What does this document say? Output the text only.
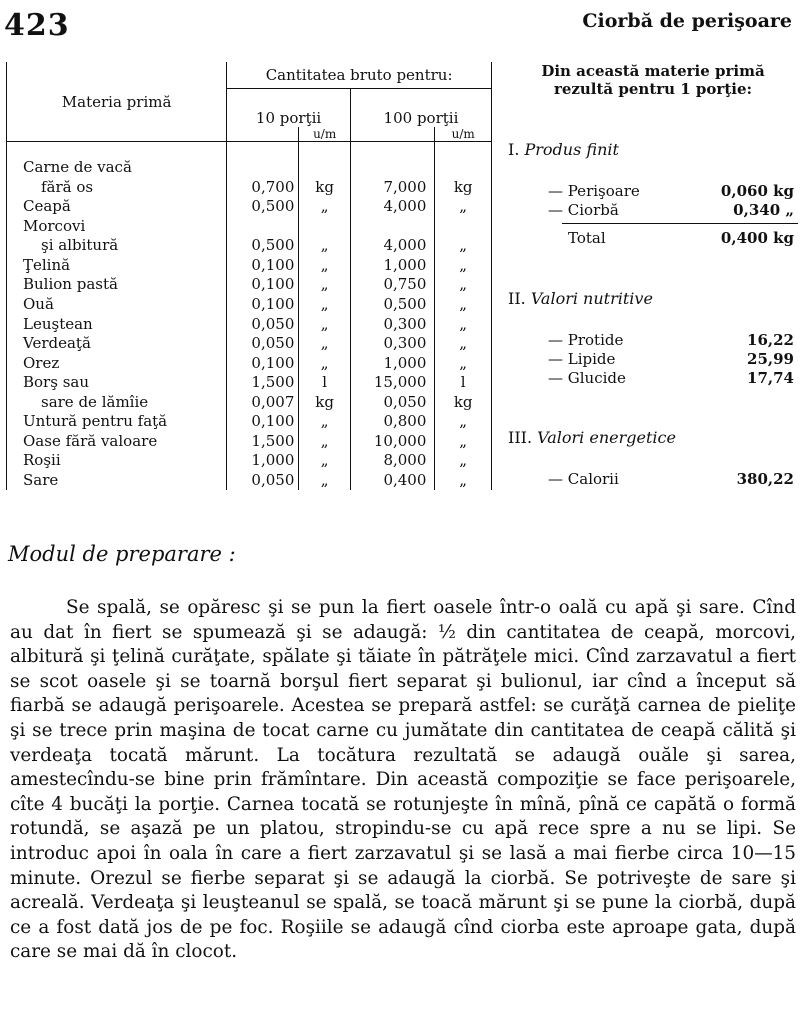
423	Ciorbă de perişoare
Materia primă	Cantitatea bruto pentru:			
	10 porţii		100 porţii	
		u/m		u/m

Carne de vacă				
fără os	0,700	kg	7,000	kg
Ceapă	0,500	„	4,000	„
Morcovi				
şi albitură	0,500	„	4,000	„
Ţelină	0,100	„	1,000	„
Bulion pastă	0,100	„	0,750	„
Ouă	0,100	„	0,500	„
Leuştean	0,050	„	0,300	„
Verdeaţă	0,050	„	0,300	„
Orez	0,100	„	1,000	„
Borş sau	1,500	l	15,000	l
sare de lămîie	0,007	kg	0,050	kg
Untură pentru faţă	0,100	„	0,800	„
Oase fără valoare	1,500	„	10,000	„
Roşii	1,000	„	8,000	„
Sare	0,050	„	0,400	„

Din această materie primă
rezultă pentru 1 porţie:

I. Produs finit
— Perişoare	0,060 kg
— Ciorbă	0,340 „
Total	0,400 kg
II. Valori nutritive
— Protide	16,22
— Lipide	25,99
— Glucide	17,74
III. Valori energetice
— Calorii	380,22
Modul de preparare :

Se spală, se opăresc şi se pun la fiert oasele într-o oală cu apă şi sare. Cînd au dat în fiert se spumează şi se adaugă: ½ din cantitatea de ceapă, morcovi, albitură şi ţelină curăţate, spălate şi tăiate în pătrăţele mici. Cînd zarzavatul a fiert se scot oasele şi se toarnă borşul fiert separat şi bulionul, iar cînd a început să fiarbă se adaugă perişoarele. Acestea se prepară astfel: se curăţă carnea de pieliţe şi se trece prin maşina de tocat carne cu jumătate din cantitatea de ceapă călită şi verdeaţa tocată mărunt. La tocătura rezultată se adaugă ouăle şi sarea, amestecîndu-se bine prin frămîntare. Din această compoziţie se face perişoarele, cîte 4 bucăţi la porţie. Carnea tocată se rotunjeşte în mînă, pînă ce capătă o formă rotundă, se aşază pe un platou, stropindu-se cu apă rece spre a nu se lipi. Se introduc apoi în oala în care a fiert zarzavatul şi se lasă a mai fierbe circa 10—15 minute. Orezul se fierbe separat şi se adaugă la ciorbă. Se potriveşte de sare şi acreală. Verdeaţa şi leuşteanul se spală, se toacă mărunt şi se pune la ciorbă, după ce a fost dată jos de pe foc. Roşiile se adaugă cînd ciorba este aproape gata, după care se mai dă în clocot.
